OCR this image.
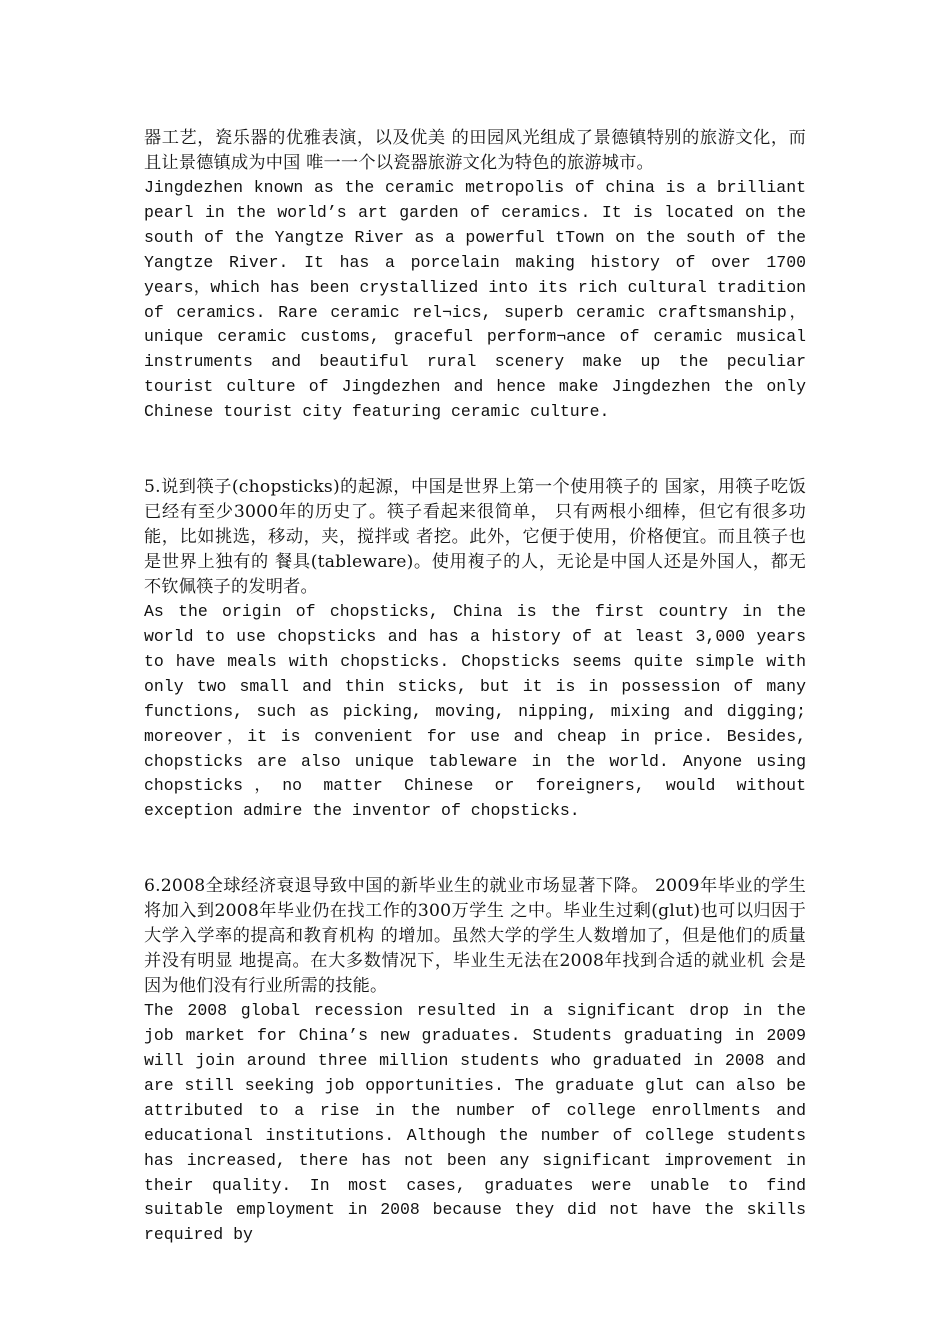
器工艺，瓷乐器的优雅表演，以及优美 的田园风光组成了景德镇特别的旅游文化，而且让景德镇成为中国 唯一一个以瓷器旅游文化为特色的旅游城市。

Jingdezhen known as the ceramic metropolis of china is a brilliant pearl in the world’s art garden of ceramics. It is located on the south of the Yangtze River as a powerful tTown on the south of the Yangtze River. It has a porcelain making history of over 1700 years，which has been crystallized into its rich cultural tradition of ceramics. Rare ceramic rel¬ics, superb ceramic craftsmanship， unique ceramic customs, graceful perform¬ance of ceramic musical instruments and beautiful rural scenery make up the peculiar tourist culture of Jingdezhen and hence make Jingdezhen the only Chinese tourist city featuring ceramic culture.

5.说到筷子(chopsticks)的起源，中国是世界上第一个使用筷子的 国家，用筷子吃饭已经有至少3000年的历史了。筷子看起来很简单， 只有两根小细棒，但它有很多功能，比如挑选，移动，夹，搅拌或 者挖。此外，它便于使用，价格便宜。而且筷子也是世界上独有的 餐具(tableware)。使用複子的人，无论是中国人还是外国人，都无 不钦佩筷子的发明者。

As the origin of chopsticks, China is the first country in the world to use chopsticks and has a history of at least 3,000 years to have meals with chopsticks. Chopsticks seems quite simple with only two small and thin sticks, but it is in possession of many functions, such as picking, moving, nipping, mixing and digging; moreover，it is convenient for use and cheap in price. Besides, chopsticks are also unique tableware in the world. Anyone using chopsticks，no matter Chinese or foreigners, would without exception admire the inventor of chopsticks.

6.2008全球经济衰退导致中国的新毕业生的就业市场显著下降。 2009年毕业的学生将加入到2008年毕业仍在找工作的300万学生 之中。毕业生过剩(glut)也可以归因于大学入学率的提高和教育机构 的增加。虽然大学的学生人数增加了，但是他们的质量并没有明显 地提高。在大多数情况下，毕业生无法在2008年找到合适的就业机 会是因为他们没有行业所需的技能。

The 2008 global recession resulted in a significant drop in the job market for China’s new graduates. Students graduating in 2009 will join around three million students who graduated in 2008 and are still seeking job opportunities. The graduate glut can also be attributed to a rise in the number of college enrollments and educational institutions. Although the number of college students has increased, there has not been any significant improvement in their quality. In most cases, graduates were unable to find suitable employment in 2008 because they did not have the skills required by
